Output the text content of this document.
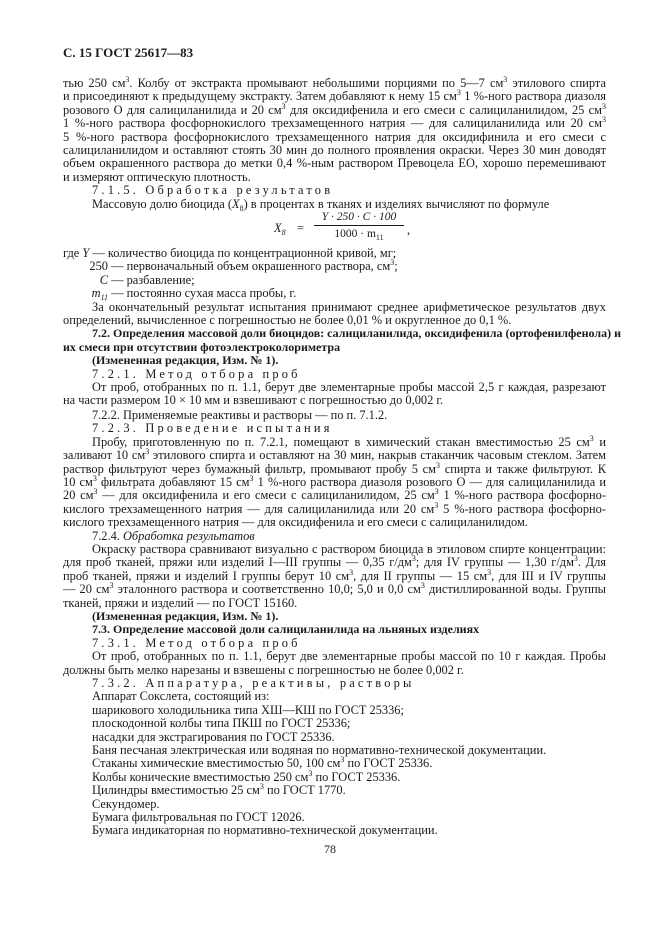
С. 15 ГОСТ 25617—83
тью 250 $см^3$. Колбу от экстракта промывают небольшими порциями по 5—7 $см^3$ этилового спирта
и присоединяют к предыдущему экстракту. Затем добавляют к нему 15 $см^3$ 1 %-ного раствора диазоля
розового О для салициланилида и 20 $см^3$ для оксидифенила и его смеси с салициланилидом, 25 $см^3$
1 %-ного раствора фосфорнокислого трехзамещенного натрия — для салициланилида или 20 $см^3$
5 %-ного раствора фосфорнокислого трехзамещенного натрия для оксидифинила и его смеси с
салициланилидом и оставляют стоять 30 мин до полного проявления окраски. Через 30 мин доводят
объем окрашенного раствора до метки 0,4 %-ным раствором Превоцела ЕО, хорошо перемешивают
и измеряют оптическую плотность.
7.1.5. Обработка результатов
Массовую долю биоцида $(X_8)$ в процентах в тканях и изделиях вычисляют по формуле
$X_8 = \frac{Y \cdot 250 \cdot C \cdot 100}{1000 \cdot m_{11}}$ ,
где Y — количество биоцида по концентрационной кривой, мг;
250 — первоначальный объем окрашенного раствора, $см^3$;
C — разбавление;
$m_{11}$ — постоянно сухая масса пробы, г.
За окончательный результат испытания принимают среднее арифметическое результатов двух
определений, вычисленное с погрешностью не более 0,01 % и округленное до 0,1 %.
7.2. Определения массовой доли биоцидов: салициланилида, оксидифенила (ортофенилфенола) и
их смеси при отсутствии фотоэлектроколориметра
(Измененная редакция, Изм. № 1).
7.2.1. Метод отбора проб
От проб, отобранных по п. 1.1, берут две элементарные пробы массой 2,5 г каждая, разрезают
на части размером 10 × 10 мм и взвешивают с погрешностью до 0,002 г.
7.2.2. Применяемые реактивы и растворы — по п. 7.1.2.
7.2.3. Проведение испытания
Пробу, приготовленную по п. 7.2.1, помещают в химический стакан вместимостью 25 $см^3$ и
заливают 10 $см^3$ этилового спирта и оставляют на 30 мин, накрыв стаканчик часовым стеклом. Затем
раствор фильтруют через бумажный фильтр, промывают пробу 5 $см^3$ спирта и также фильтруют. К
10 $см^3$ фильтрата добавляют 15 $см^3$ 1 %-ного раствора диазоля розового О — для салициланилида и
20 $см^3$ — для оксидифенила и его смеси с салициланилидом, 25 $см^3$ 1 %-ного раствора фосфорно-
кислого трехзамещенного натрия — для салициланилида или 20 $см^3$ 5 %-ного раствора фосфорно-
кислого трехзамещенного натрия — для оксидифенила и его смеси с салициланилидом.
7.2.4. Обработка результатов
Окраску раствора сравнивают визуально с раствором биоцида в этиловом спирте концентрации:
для проб тканей, пряжи или изделий I—III группы — 0,35 $г/дм^3$; для IV группы — 1,30 $г/дм^3$. Для
проб тканей, пряжи и изделий I группы берут 10 $см^3$, для II группы — 15 $см^3$, для III и IV группы
— 20 $см^3$ эталонного раствора и соответственно 10,0; 5,0 и 0,0 $см^3$ дистиллированной воды. Группы
тканей, пряжи и изделий — по ГОСТ 15160.
(Измененная редакция, Изм. № 1).
7.3. Определение массовой доли салициланилида на льняных изделиях
7.3.1. Метод отбора проб
От проб, отобранных по п. 1.1, берут две элементарные пробы массой по 10 г каждая. Пробы
должны быть мелко нарезаны и взвешены с погрешностью не более 0,002 г.
7.3.2. Аппаратура, реактивы, растворы
Аппарат Сокслета, состоящий из:
шарикового холодильника типа ХШ—КШ по ГОСТ 25336;
плоскодонной колбы типа ПКШ по ГОСТ 25336;
насадки для экстрагирования по ГОСТ 25336.
Баня песчаная электрическая или водяная по нормативно-технической документации.
Стаканы химические вместимостью 50, 100 $см^3$ по ГОСТ 25336.
Колбы конические вместимостью 250 $см^3$ по ГОСТ 25336.
Цилиндры вместимостью 25 $см^3$ по ГОСТ 1770.
Секундомер.
Бумага фильтровальная по ГОСТ 12026.
Бумага индикаторная по нормативно-технической документации.
78
